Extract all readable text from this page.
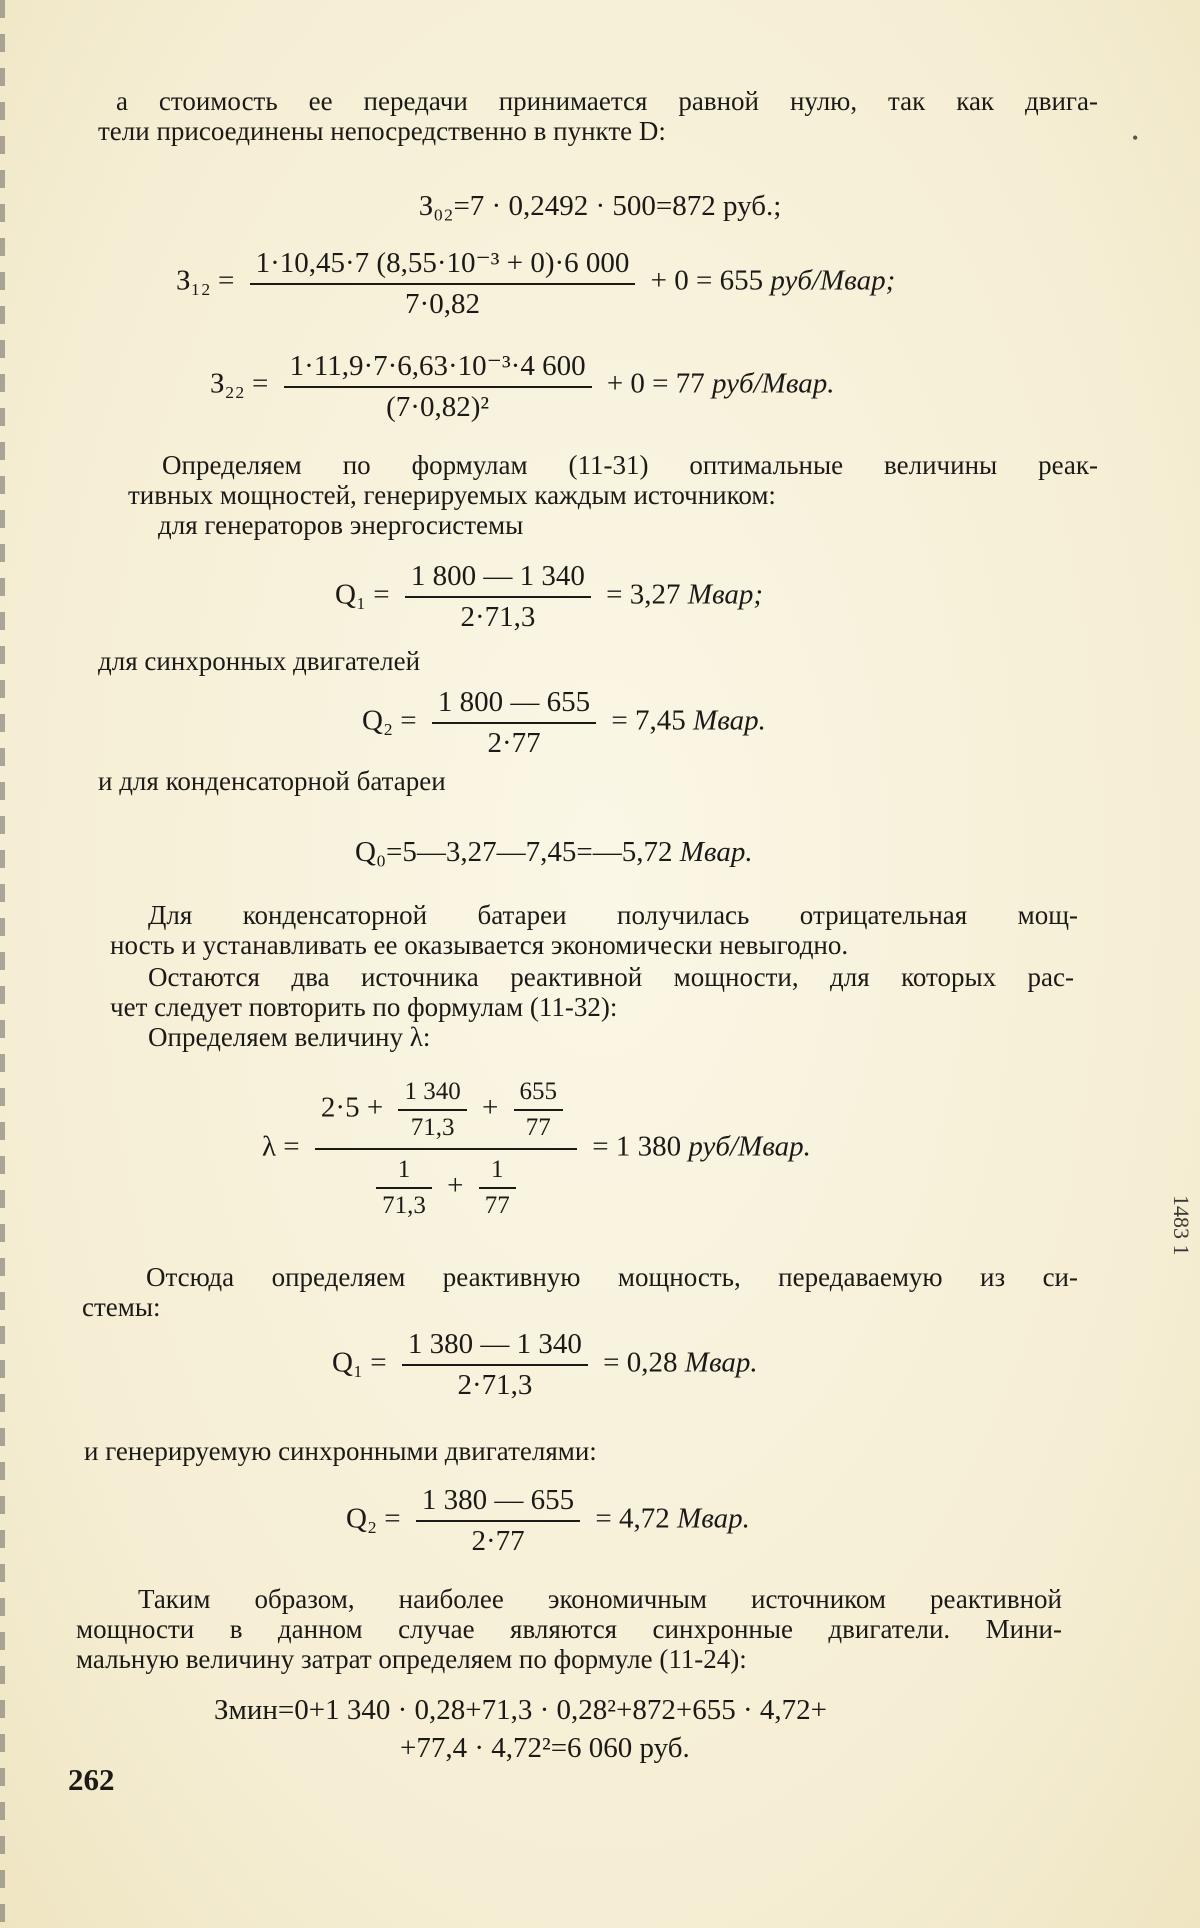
а стоимость ее передачи принимается равной нулю, так как двига-
тели присоединены непосредственно в пункте D:
З₀₂=7 · 0,2492 · 500=872 руб.;
$З_{12} = \frac{\text{1·10,45·7 (8,55·10⁻³ + 0)·6 000}}{7\cdot 0,82} + 0 = 655$ руб/Мвар;
$З_{22} = \frac{\text{1·11,9·7·6,63·10⁻³·4 600}}{\text{(7·0,82)²}} + 0 = 77$ руб/Мвар.
Определяем по формулам (11-31) оптимальные величины реак-
тивных мощностей, генерируемых каждым источником:
для генераторов энергосистемы
$Q_1 = \frac{1 800 — 1 340}{2\cdot 71,3} = 3,27$ Мвар;
для синхронных двигателей
$Q_2 = \frac{1 800 — 655}{2\cdot 77} = 7,45$ Мвар.
и для конденсаторной батареи
Q₀=5—3,27—7,45=—5,72 Мвар.
Для конденсаторной батареи получилась отрицательная мощ-
ность и устанавливать ее оказывается экономически невыгодно.
Остаются два источника реактивной мощности, для которых рас-
чет следует повторить по формулам (11-32):
Определяем величину λ:
λ =
$2\cdot 5 + \frac{1 340}{71,3} + \frac{655}{77}$
$\frac{1}{71,3} + \frac{1}{77}$
= 1 380 руб/Мвар.
Отсюда определяем реактивную мощность, передаваемую из си-
стемы:
$Q_1 = \frac{1 380 — 1 340}{2\cdot 71,3} = 0,28$ Мвар.
и генерируемую синхронными двигателями:
$Q_2 = \frac{1 380 — 655}{2\cdot 77} = 4,72$ Мвар.
Таким образом, наиболее экономичным источником реактивной
мощности в данном случае являются синхронные двигатели. Мини-
мальную величину затрат определяем по формуле (11-24):
Змин=0+1 340 · 0,28+71,3 · 0,28²+872+655 · 4,72+
+77,4 · 4,72²=6 060 руб.
262
1483 1
•
